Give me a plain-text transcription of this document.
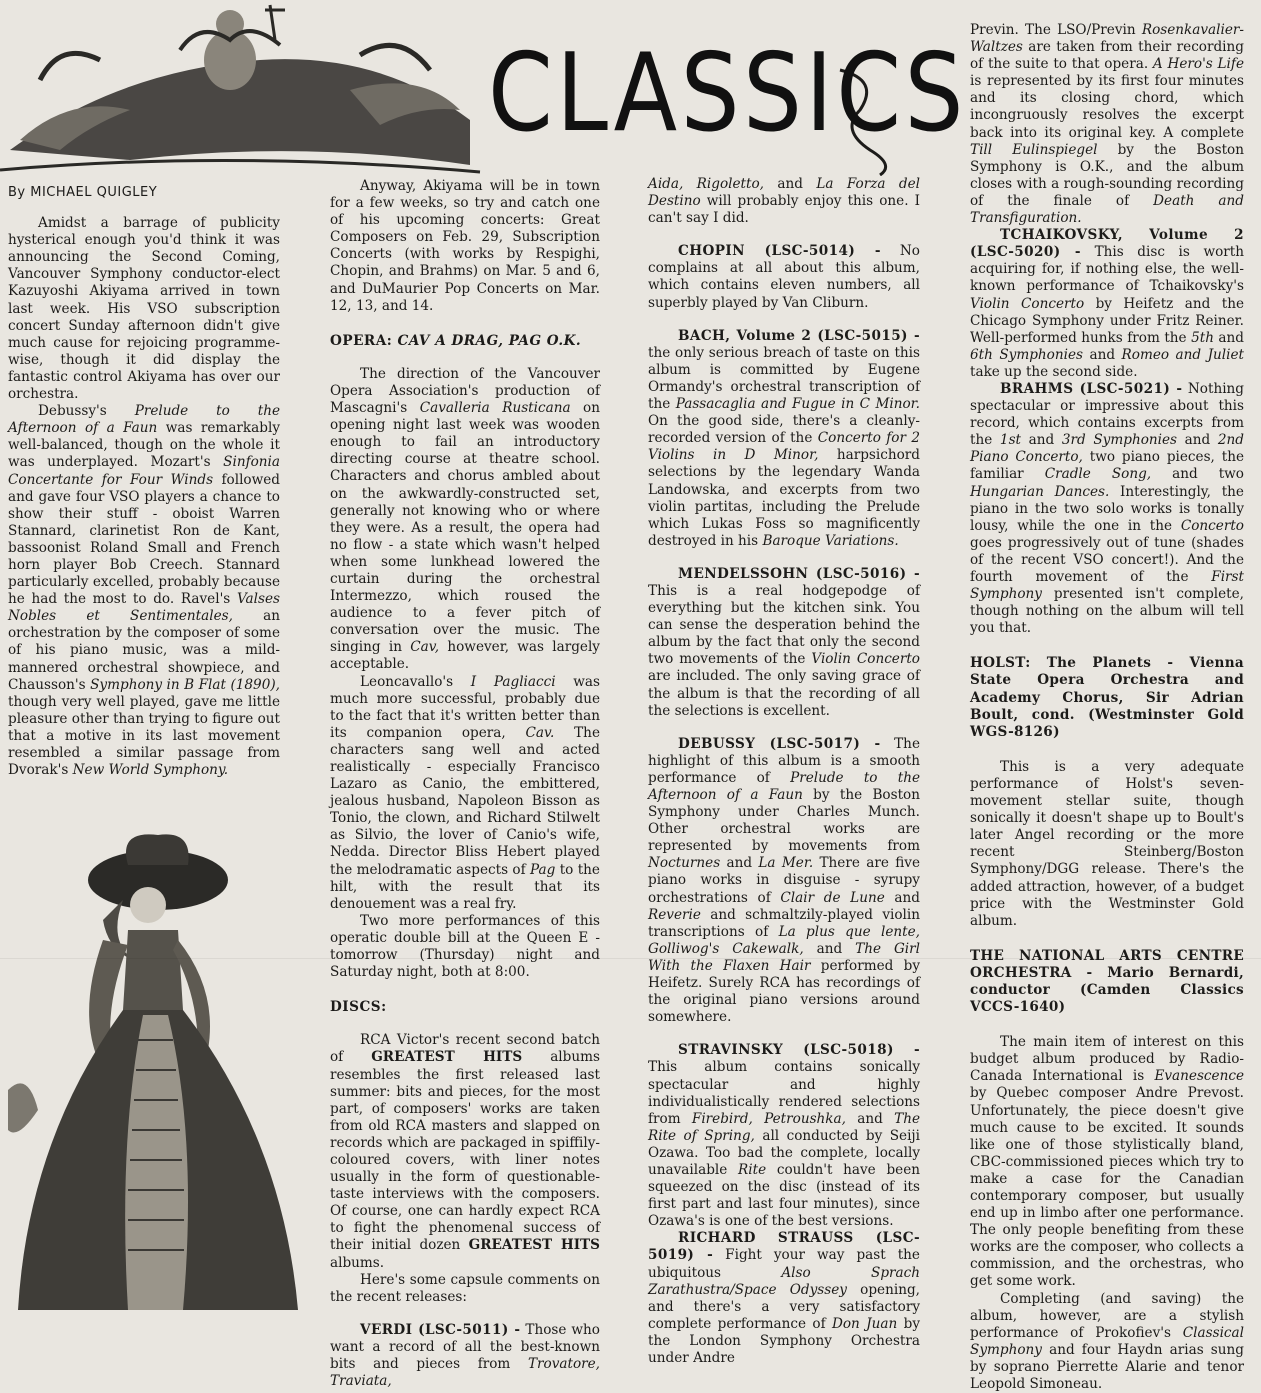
CLASSICS

By MICHAEL QUIGLEY

Amidst a barrage of publicity hysterical enough you'd think it was announcing the Second Coming, Vancouver Symphony conductor-elect Kazuyoshi Akiyama arrived in town last week. His VSO subscription concert Sunday afternoon didn't give much cause for rejoicing programme-wise, though it did display the fantastic control Akiyama has over our orchestra.

Debussy's Prelude to the Afternoon of a Faun was remarkably well-balanced, though on the whole it was underplayed. Mozart's Sinfonia Concertante for Four Winds followed and gave four VSO players a chance to show their stuff - oboist Warren Stannard, clarinetist Ron de Kant, bassoonist Roland Small and French horn player Bob Creech. Stannard particularly excelled, probably because he had the most to do. Ravel's Valses Nobles et Sentimentales, an orchestration by the composer of some of his piano music, was a mild-mannered orchestral showpiece, and Chausson's Symphony in B Flat (1890), though very well played, gave me little pleasure other than trying to figure out that a motive in its last movement resembled a similar passage from Dvorak's New World Symphony.

Anyway, Akiyama will be in town for a few weeks, so try and catch one of his upcoming concerts: Great Composers on Feb. 29, Subscription Concerts (with works by Respighi, Chopin, and Brahms) on Mar. 5 and 6, and DuMaurier Pop Concerts on Mar. 12, 13, and 14.

OPERA: CAV A DRAG, PAG O.K.

The direction of the Vancouver Opera Association's production of Mascagni's Cavalleria Rusticana on opening night last week was wooden enough to fail an introductory directing course at theatre school. Characters and chorus ambled about on the awkwardly-constructed set, generally not knowing who or where they were. As a result, the opera had no flow - a state which wasn't helped when some lunkhead lowered the curtain during the orchestral Intermezzo, which roused the audience to a fever pitch of conversation over the music. The singing in Cav, however, was largely acceptable.

Leoncavallo's I Pagliacci was much more successful, probably due to the fact that it's written better than its companion opera, Cav. The characters sang well and acted realistically - especially Francisco Lazaro as Canio, the embittered, jealous husband, Napoleon Bisson as Tonio, the clown, and Richard Stilwelt as Silvio, the lover of Canio's wife, Nedda. Director Bliss Hebert played the melodramatic aspects of Pag to the hilt, with the result that its denouement was a real fry.

Two more performances of this operatic double bill at the Queen E - tomorrow (Thursday) night and Saturday night, both at 8:00.

DISCS:

RCA Victor's recent second batch of GREATEST HITS albums resembles the first released last summer: bits and pieces, for the most part, of composers' works are taken from old RCA masters and slapped on records which are packaged in spiffily-coloured covers, with liner notes usually in the form of questionable-taste interviews with the composers. Of course, one can hardly expect RCA to fight the phenomenal success of their initial dozen GREATEST HITS albums.

Here's some capsule comments on the recent releases:

VERDI (LSC-5011) - Those who want a record of all the best-known bits and pieces from Trovatore, Traviata,

Aida, Rigoletto, and La Forza del Destino will probably enjoy this one. I can't say I did.

CHOPIN (LSC-5014) - No complains at all about this album, which contains eleven numbers, all superbly played by Van Cliburn.

BACH, Volume 2 (LSC-5015) - the only serious breach of taste on this album is committed by Eugene Ormandy's orchestral transcription of the Passacaglia and Fugue in C Minor. On the good side, there's a cleanly-recorded version of the Concerto for 2 Violins in D Minor, harpsichord selections by the legendary Wanda Landowska, and excerpts from two violin partitas, including the Prelude which Lukas Foss so magnificently destroyed in his Baroque Variations.

MENDELSSOHN (LSC-5016) - This is a real hodgepodge of everything but the kitchen sink. You can sense the desperation behind the album by the fact that only the second two movements of the Violin Concerto are included. The only saving grace of the album is that the recording of all the selections is excellent.

DEBUSSY (LSC-5017) - The highlight of this album is a smooth performance of Prelude to the Afternoon of a Faun by the Boston Symphony under Charles Munch. Other orchestral works are represented by movements from Nocturnes and La Mer. There are five piano works in disguise - syrupy orchestrations of Clair de Lune and Reverie and schmaltzily-played violin transcriptions of La plus que lente, Golliwog's Cakewalk, and The Girl With the Flaxen Hair performed by Heifetz. Surely RCA has recordings of the original piano versions around somewhere.

STRAVINSKY (LSC-5018) - This album contains sonically spectacular and highly individualistically rendered selections from Firebird, Petroushka, and The Rite of Spring, all conducted by Seiji Ozawa. Too bad the complete, locally unavailable Rite couldn't have been squeezed on the disc (instead of its first part and last four minutes), since Ozawa's is one of the best versions.

RICHARD STRAUSS (LSC-5019) - Fight your way past the ubiquitous Also Sprach Zarathustra/Space Odyssey opening, and there's a very satisfactory complete performance of Don Juan by the London Symphony Orchestra under Andre

Previn. The LSO/Previn Rosenkavalier-Waltzes are taken from their recording of the suite to that opera. A Hero's Life is represented by its first four minutes and its closing chord, which incongruously resolves the excerpt back into its original key. A complete Till Eulinspiegel by the Boston Symphony is O.K., and the album closes with a rough-sounding recording of the finale of Death and Transfiguration.

TCHAIKOVSKY, Volume 2 (LSC-5020) - This disc is worth acquiring for, if nothing else, the well-known performance of Tchaikovsky's Violin Concerto by Heifetz and the Chicago Symphony under Fritz Reiner. Well-performed hunks from the 5th and 6th Symphonies and Romeo and Juliet take up the second side.

BRAHMS (LSC-5021) - Nothing spectacular or impressive about this record, which contains excerpts from the 1st and 3rd Symphonies and 2nd Piano Concerto, two piano pieces, the familiar Cradle Song, and two Hungarian Dances. Interestingly, the piano in the two solo works is tonally lousy, while the one in the Concerto goes progressively out of tune (shades of the recent VSO concert!). And the fourth movement of the First Symphony presented isn't complete, though nothing on the album will tell you that.

HOLST: The Planets - Vienna State Opera Orchestra and Academy Chorus, Sir Adrian Boult, cond. (Westminster Gold WGS-8126)

This is a very adequate performance of Holst's seven-movement stellar suite, though sonically it doesn't shape up to Boult's later Angel recording or the more recent Steinberg/Boston Symphony/DGG release. There's the added attraction, however, of a budget price with the Westminster Gold album.

THE NATIONAL ARTS CENTRE ORCHESTRA - Mario Bernardi, conductor (Camden Classics VCCS-1640)

The main item of interest on this budget album produced by Radio-Canada International is Evanescence by Quebec composer Andre Prevost. Unfortunately, the piece doesn't give much cause to be excited. It sounds like one of those stylistically bland, CBC-commissioned pieces which try to make a case for the Canadian contemporary composer, but usually end up in limbo after one performance. The only people benefiting from these works are the composer, who collects a commission, and the orchestras, who get some work.

Completing (and saving) the album, however, are a stylish performance of Prokofiev's Classical Symphony and four Haydn arias sung by soprano Pierrette Alarie and tenor Leopold Simoneau.
